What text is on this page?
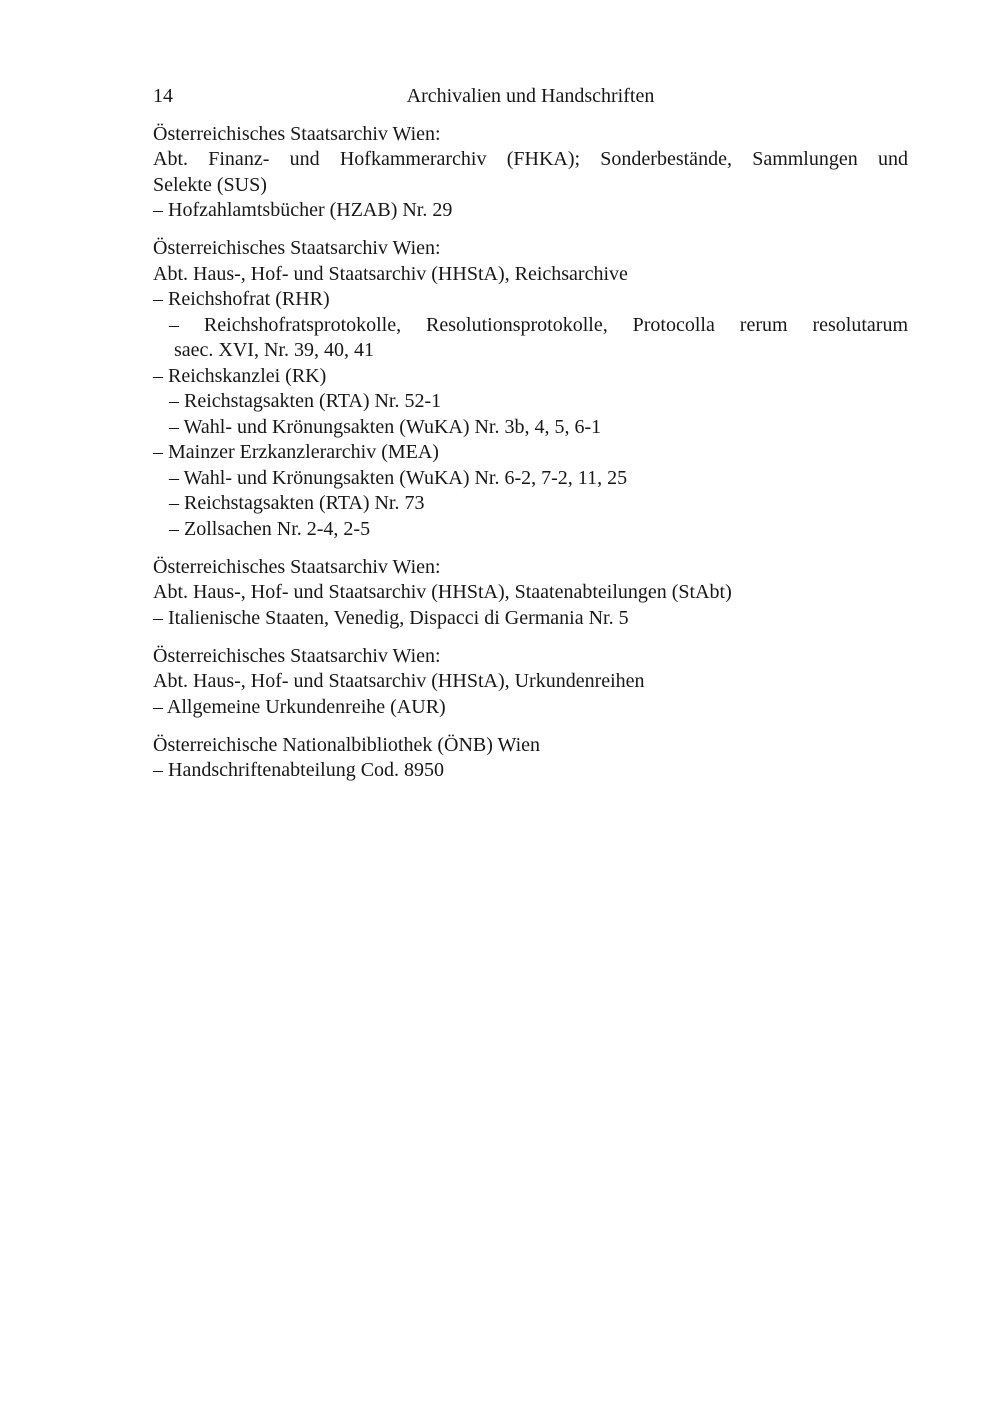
14	Archivalien und Handschriften
Österreichisches Staatsarchiv Wien:
Abt. Finanz- und Hofkammerarchiv (FHKA); Sonderbestände, Sammlungen und
Selekte (SUS)
– Hofzahlamtsbücher (HZAB) Nr. 29
Österreichisches Staatsarchiv Wien:
Abt. Haus-, Hof- und Staatsarchiv (HHStA), Reichsarchive
– Reichshofrat (RHR)
– Reichshofratsprotokolle, Resolutionsprotokolle, Protocolla rerum resolutarum
saec. XVI, Nr. 39, 40, 41
– Reichskanzlei (RK)
– Reichstagsakten (RTA) Nr. 52-1
– Wahl- und Krönungsakten (WuKA) Nr. 3b, 4, 5, 6-1
– Mainzer Erzkanzlerarchiv (MEA)
– Wahl- und Krönungsakten (WuKA) Nr. 6-2, 7-2, 11, 25
– Reichstagsakten (RTA) Nr. 73
– Zollsachen Nr. 2-4, 2-5
Österreichisches Staatsarchiv Wien:
Abt. Haus-, Hof- und Staatsarchiv (HHStA), Staatenabteilungen (StAbt)
– Italienische Staaten, Venedig, Dispacci di Germania Nr. 5
Österreichisches Staatsarchiv Wien:
Abt. Haus-, Hof- und Staatsarchiv (HHStA), Urkundenreihen
– Allgemeine Urkundenreihe (AUR)
Österreichische Nationalbibliothek (ÖNB) Wien
– Handschriftenabteilung Cod. 8950
